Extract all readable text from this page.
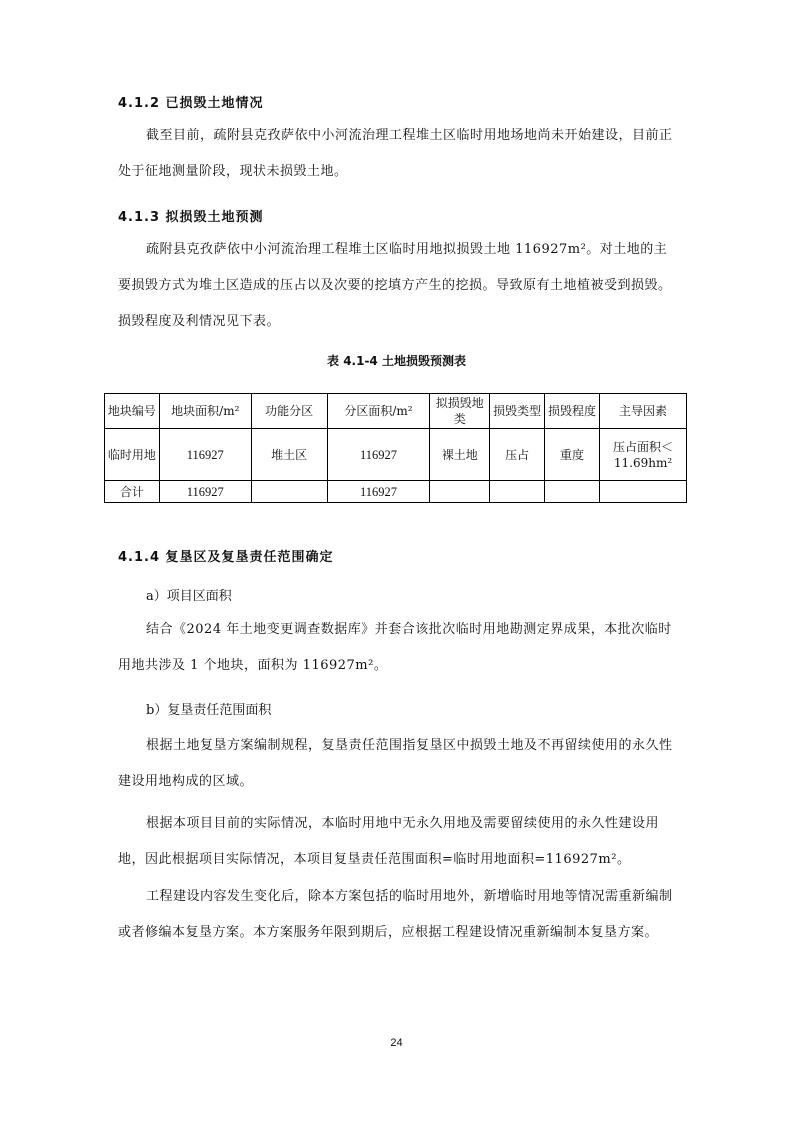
4.1.2 已损毁土地情况
截至目前，疏附县克孜萨依中小河流治理工程堆土区临时用地场地尚未开始建设，目前正处于征地测量阶段，现状未损毁土地。
4.1.3 拟损毁土地预测
疏附县克孜萨依中小河流治理工程堆土区临时用地拟损毁土地 116927m²。对土地的主要损毁方式为堆土区造成的压占以及次要的挖填方产生的挖损。导致原有土地植被受到损毁。损毁程度及利情况见下表。
表 4.1-4 土地损毁预测表
地块编号	地块面积/m²	功能分区	分区面积/m²	拟损毁地类	损毁类型	损毁程度	主导因素
临时用地	116927	堆土区	116927	裸土地	压占	重度	压占面积＜11.69hm²
合计	116927		116927				
4.1.4 复垦区及复垦责任范围确定
a）项目区面积
结合《2024 年土地变更调查数据库》并套合该批次临时用地勘测定界成果，本批次临时用地共涉及 1 个地块，面积为 116927m²。
b）复垦责任范围面积
根据土地复垦方案编制规程，复垦责任范围指复垦区中损毁土地及不再留续使用的永久性建设用地构成的区域。
根据本项目目前的实际情况，本临时用地中无永久用地及需要留续使用的永久性建设用地，因此根据项目实际情况，本项目复垦责任范围面积=临时用地面积=116927m²。
工程建设内容发生变化后，除本方案包括的临时用地外，新增临时用地等情况需重新编制或者修编本复垦方案。本方案服务年限到期后，应根据工程建设情况重新编制本复垦方案。
24
